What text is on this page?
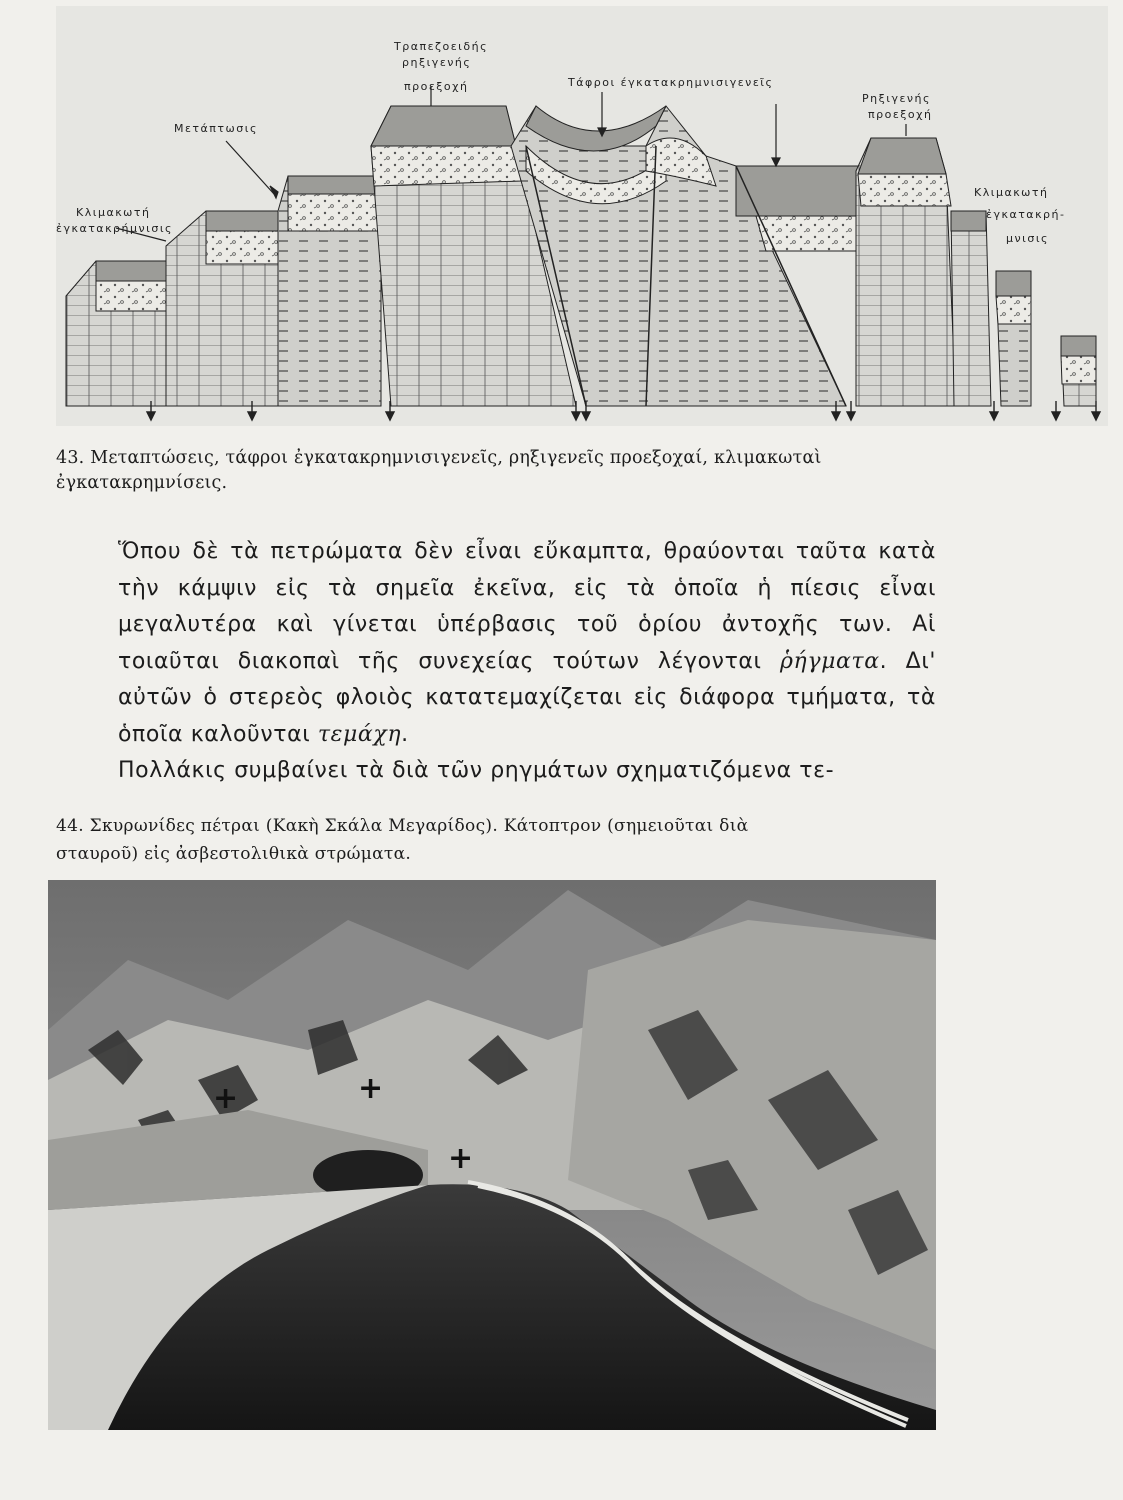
Τραπεζοειδής
ρηξιγενής
προεξοχή	Τάφροι έγκατακρημνισιγενεῖς
Ρηξιγενής
προεξοχή
Μετάπτωσις
Κλιμακωτή
ἐγκατακρήμνισις
Κλιμακωτή
ἐγκατακρή-
μνισις
43. Μεταπτώσεις, τάφροι ἐγκατακρημνισιγενεῖς, ρηξιγενεῖς προεξοχαί, κλιμακωταὶ
ἐγκατακρημνίσεις.

Ὅπου δὲ τὰ πετρώματα δὲν εἶναι εὔκαμπτα, θραύονται ταῦτα κατὰ τὴν κάμψιν εἰς τὰ σημεῖα ἐκεῖνα, εἰς τὰ ὁποῖα ἡ πίεσις εἶναι μεγαλυτέρα καὶ γίνεται ὑπέρβασις τοῦ ὁρίου ἀντοχῆς των. Αἱ τοιαῦται διακοπαὶ τῆς συνεχείας τούτων λέγονται ῥήγματα. Δι' αὐτῶν ὁ στερεὸς φλοιὸς κατατεμαχίζεται εἰς διάφορα τμήματα, τὰ ὁποῖα καλοῦνται τεμάχη.

Πολλάκις συμβαίνει τὰ διὰ τῶν ρηγμάτων σχηματιζόμενα τε-

44. Σκυρωνίδες πέτραι (Κακὴ Σκάλα Μεγαρίδος). Κάτοπτρον (σημειοῦται διὰ
σταυροῦ) εἰς ἀσβεστολιθικὰ στρώματα.
+	+
+
